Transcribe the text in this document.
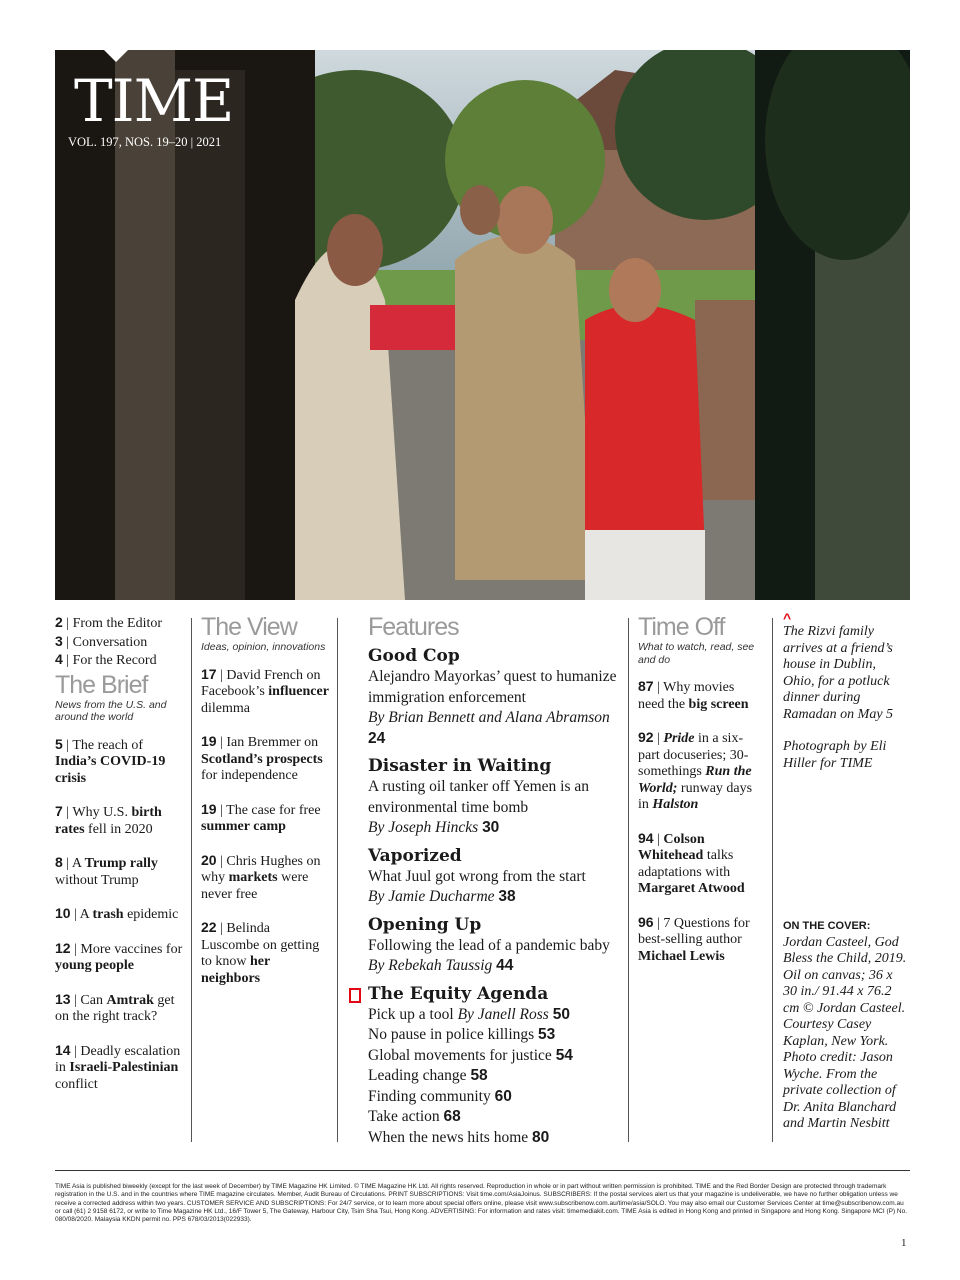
TIME
VOL. 197, NOS. 19–20 | 2021
2 | From the Editor
3 | Conversation
4 | For the Record
The Brief
News from the U.S. and around the world
5 | The reach of India’s COVID-19 crisis
7 | Why U.S. birth rates fell in 2020
8 | A Trump rally without Trump
10 | A trash epidemic
12 | More vaccines for young people
13 | Can Amtrak get on the right track?
14 | Deadly escalation in Israeli-Palestinian conflict
The View
Ideas, opinion, innovations
17 | David French on Facebook’s influencer dilemma
19 | Ian Bremmer on Scotland’s prospects for independence
19 | The case for free summer camp
20 | Chris Hughes on why markets were never free
22 | Belinda Luscombe on getting to know her neighbors
Features
Good Cop
Alejandro Mayorkas’ quest to humanize immigration enforcement
By Brian Bennett and Alana Abramson 24
Disaster in Waiting
A rusting oil tanker off Yemen is an environmental time bomb
By Joseph Hincks 30
Vaporized
What Juul got wrong from the start
By Jamie Ducharme 38
Opening Up
Following the lead of a pandemic baby By Rebekah Taussig 44
The Equity Agenda
Pick up a tool By Janell Ross 50
No pause in police killings 53
Global movements for justice 54
Leading change 58
Finding community 60
Take action 68
When the news hits home 80
Time Off
What to watch, read, see and do
87 | Why movies need the big screen
92 | Pride in a six-part docuseries; 30-somethings Run the World; runway days in Halston
94 | Colson Whitehead talks adaptations with Margaret Atwood
96 | 7 Questions for best-selling author Michael Lewis
^
The Rizvi family arrives at a friend’s house in Dublin, Ohio, for a potluck dinner during Ramadan on May 5
Photograph by Eli Hiller for TIME
ON THE COVER:
Jordan Casteel, God Bless the Child, 2019. Oil on canvas; 36 x 30 in./ 91.44 x 76.2 cm © Jordan Casteel. Courtesy Casey Kaplan, New York. Photo credit: Jason Wyche. From the private collection of Dr. Anita Blanchard and Martin Nesbitt
TIME Asia is published biweekly (except for the last week of December) by TIME Magazine HK Limited. © TIME Magazine HK Ltd. All rights reserved. Reproduction in whole or in part without written permission is prohibited. TIME and the Red Border Design are protected through trademark registration in the U.S. and in the countries where TIME magazine circulates. Member, Audit Bureau of Circulations. PRINT SUBSCRIPTIONS: Visit time.com/AsiaJoinus. SUBSCRIBERS: If the postal services alert us that your magazine is undeliverable, we have no further obligation unless we receive a corrected address within two years. CUSTOMER SERVICE AND SUBSCRIPTIONS: For 24/7 service, or to learn more about special offers online, please visit www.subscribenow.com.au/time/asia/SOLO. You may also email our Customer Services Center at time@subscribenow.com.au or call (61) 2 9158 6172, or write to Time Magazine HK Ltd., 16/F Tower 5, The Gateway, Harbour City, Tsim Sha Tsui, Hong Kong. ADVERTISING: For information and rates visit: timemediakit.com. TIME Asia is edited in Hong Kong and printed in Singapore and Hong Kong. Singapore MCI (P) No. 080/08/2020. Malaysia KKDN permit no. PPS 678/03/2013(022933).
1
